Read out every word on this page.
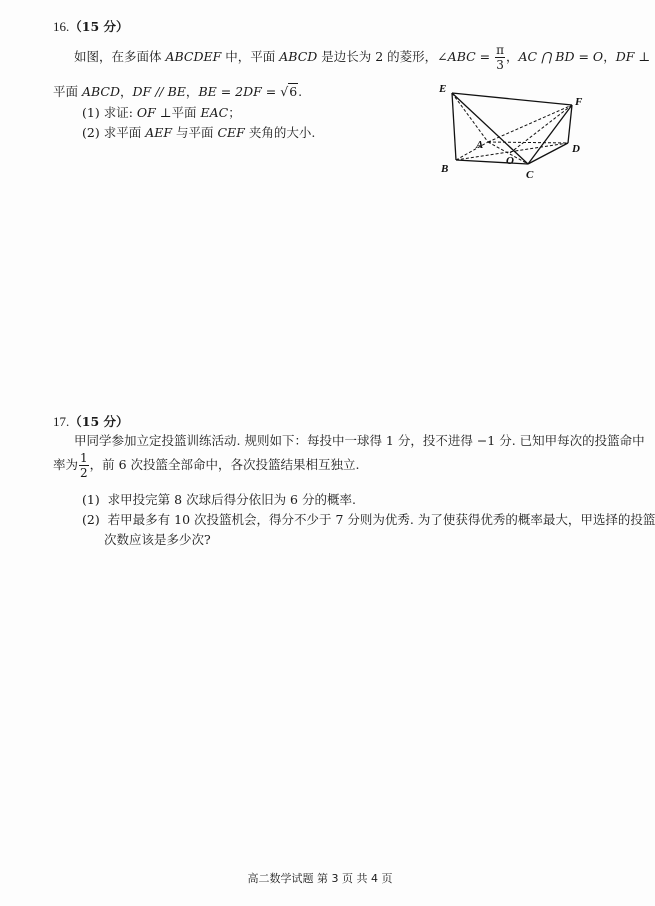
16.（15 分）
如图，在多面体 ABCDEF 中，平面 ABCD 是边长为 2 的菱形，∠ABC = $\frac{\pi}{3}$ ，AC ⋂ BD = O，DF ⊥
平面 ABCD，DF // BE，BE = 2DF = √6.
(1) 求证: OF ⊥平面 EAC；
(2) 求平面 AEF 与平面 CEF 夹角的大小.
E
F
A
O
D
B	C
17.（15 分）
甲同学参加立定投篮训练活动. 规则如下：每投中一球得 1 分，投不进得 −1 分. 已知甲每次的投篮命中
率为 $\frac{1}{2}$ ，前 6 次投篮全部命中，各次投篮结果相互独立.
(1) 求甲投完第 8 次球后得分依旧为 6 分的概率.
(2) 若甲最多有 10 次投篮机会，得分不少于 7 分则为优秀. 为了使获得优秀的概率最大，甲选择的投篮
次数应该是多少次?
高二数学试题 第 3 页 共 4 页
